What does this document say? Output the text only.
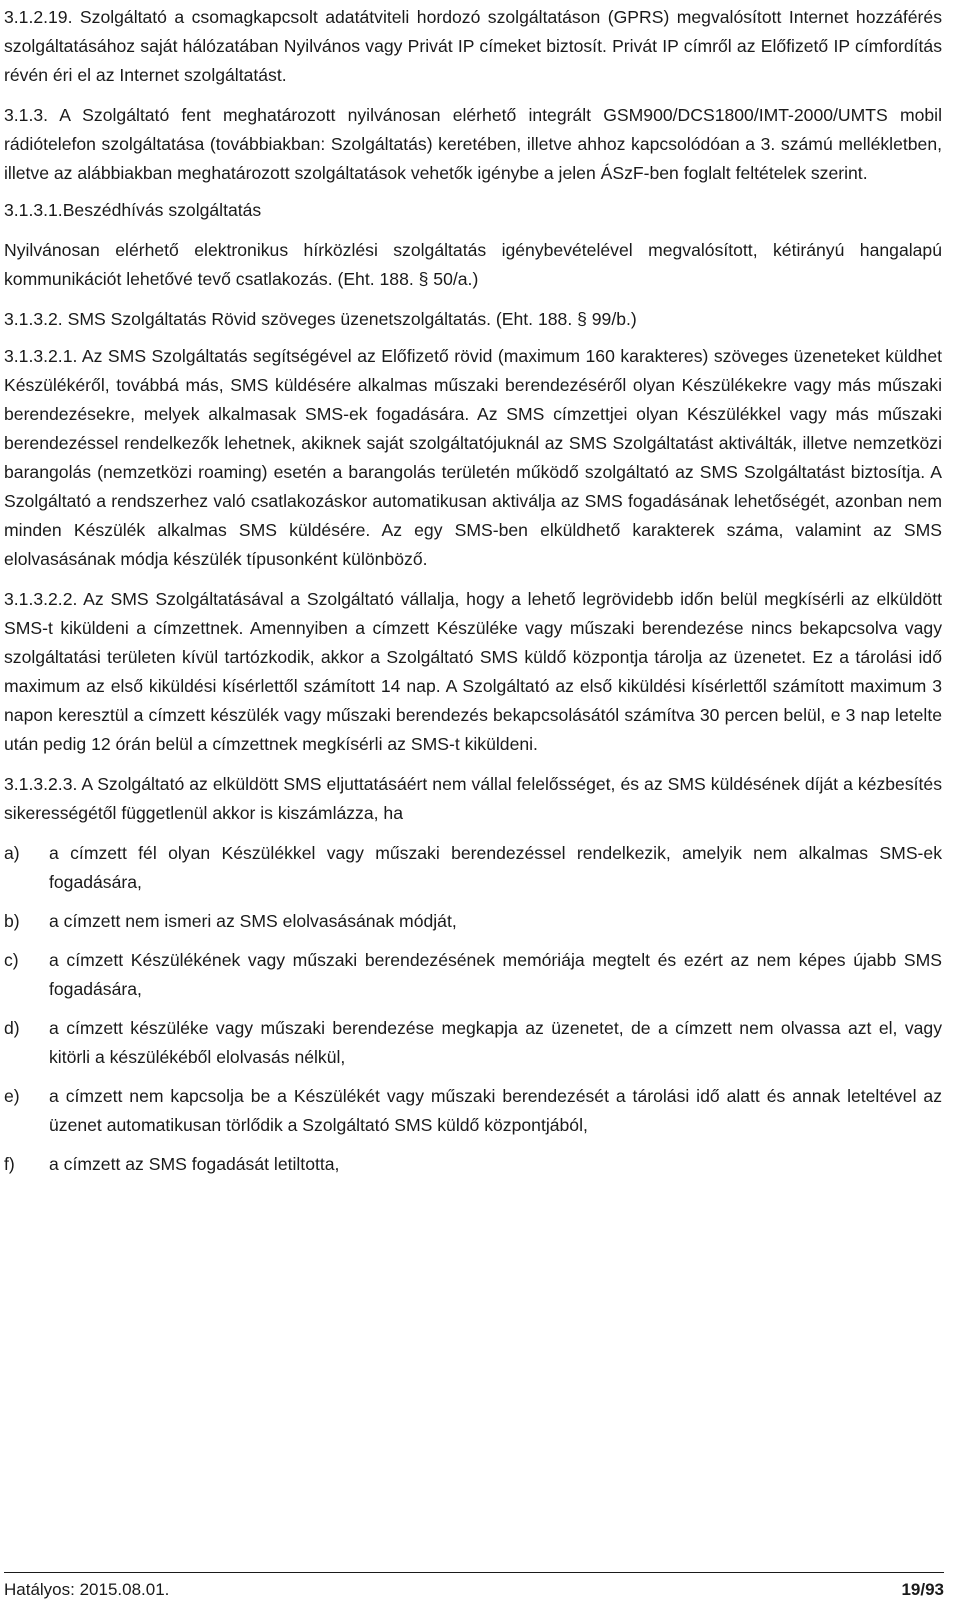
3.1.2.19. Szolgáltató a csomagkapcsolt adatátviteli hordozó szolgáltatáson (GPRS) megvalósított Internet hozzáférés szolgáltatásához saját hálózatában Nyilvános vagy Privát IP címeket biztosít. Privát IP címről az Előfizető IP címfordítás révén éri el az Internet szolgáltatást.

3.1.3. A Szolgáltató fent meghatározott nyilvánosan elérhető integrált GSM900/DCS1800/IMT-2000/UMTS mobil rádiótelefon szolgáltatása (továbbiakban: Szolgáltatás) keretében, illetve ahhoz kapcsolódóan a 3. számú mellékletben, illetve az alábbiakban meghatározott szolgáltatások vehetők igénybe a jelen ÁSzF-ben foglalt feltételek szerint.

3.1.3.1.Beszédhívás szolgáltatás

Nyilvánosan elérhető elektronikus hírközlési szolgáltatás igénybevételével megvalósított, kétirányú hangalapú kommunikációt lehetővé tevő csatlakozás. (Eht. 188. § 50/a.)

3.1.3.2. SMS Szolgáltatás Rövid szöveges üzenetszolgáltatás. (Eht. 188. § 99/b.)

3.1.3.2.1. Az SMS Szolgáltatás segítségével az Előfizető rövid (maximum 160 karakteres) szöveges üzeneteket küldhet Készülékéről, továbbá más, SMS küldésére alkalmas műszaki berendezéséről olyan Készülékekre vagy más műszaki berendezésekre, melyek alkalmasak SMS-ek fogadására. Az SMS címzettjei olyan Készülékkel vagy más műszaki berendezéssel rendelkezők lehetnek, akiknek saját szolgáltatójuknál az SMS Szolgáltatást aktiválták, illetve nemzetközi barangolás (nemzetközi roaming) esetén a barangolás területén működő szolgáltató az SMS Szolgáltatást biztosítja. A Szolgáltató a rendszerhez való csatlakozáskor automatikusan aktiválja az SMS fogadásának lehetőségét, azonban nem minden Készülék alkalmas SMS küldésére. Az egy SMS-ben elküldhető karakterek száma, valamint az SMS elolvasásának módja készülék típusonként különböző.

3.1.3.2.2. Az SMS Szolgáltatásával a Szolgáltató vállalja, hogy a lehető legrövidebb időn belül megkísérli az elküldött SMS-t kiküldeni a címzettnek. Amennyiben a címzett Készüléke vagy műszaki berendezése nincs bekapcsolva vagy szolgáltatási területen kívül tartózkodik, akkor a Szolgáltató SMS küldő központja tárolja az üzenetet. Ez a tárolási idő maximum az első kiküldési kísérlettől számított 14 nap. A Szolgáltató az első kiküldési kísérlettől számított maximum 3 napon keresztül a címzett készülék vagy műszaki berendezés bekapcsolásától számítva 30 percen belül, e 3 nap letelte után pedig 12 órán belül a címzettnek megkísérli az SMS-t kiküldeni.

3.1.3.2.3. A Szolgáltató az elküldött SMS eljuttatásáért nem vállal felelősséget, és az SMS küldésének díját a kézbesítés sikerességétől függetlenül akkor is kiszámlázza, ha

a)	a címzett fél olyan Készülékkel vagy műszaki berendezéssel rendelkezik, amelyik nem alkalmas SMS-ek fogadására,
b)	a címzett nem ismeri az SMS elolvasásának módját,
c)	a címzett Készülékének vagy műszaki berendezésének memóriája megtelt és ezért az nem képes újabb SMS fogadására,
d)	a címzett készüléke vagy műszaki berendezése megkapja az üzenetet, de a címzett nem olvassa azt el, vagy kitörli a készülékéből elolvasás nélkül,
e)	a címzett nem kapcsolja be a Készülékét vagy műszaki berendezését a tárolási idő alatt és annak leteltével az üzenet automatikusan törlődik a Szolgáltató SMS küldő központjából,
f)	a címzett az SMS fogadását letiltotta,
Hatályos: 2015.08.01.	19/93
